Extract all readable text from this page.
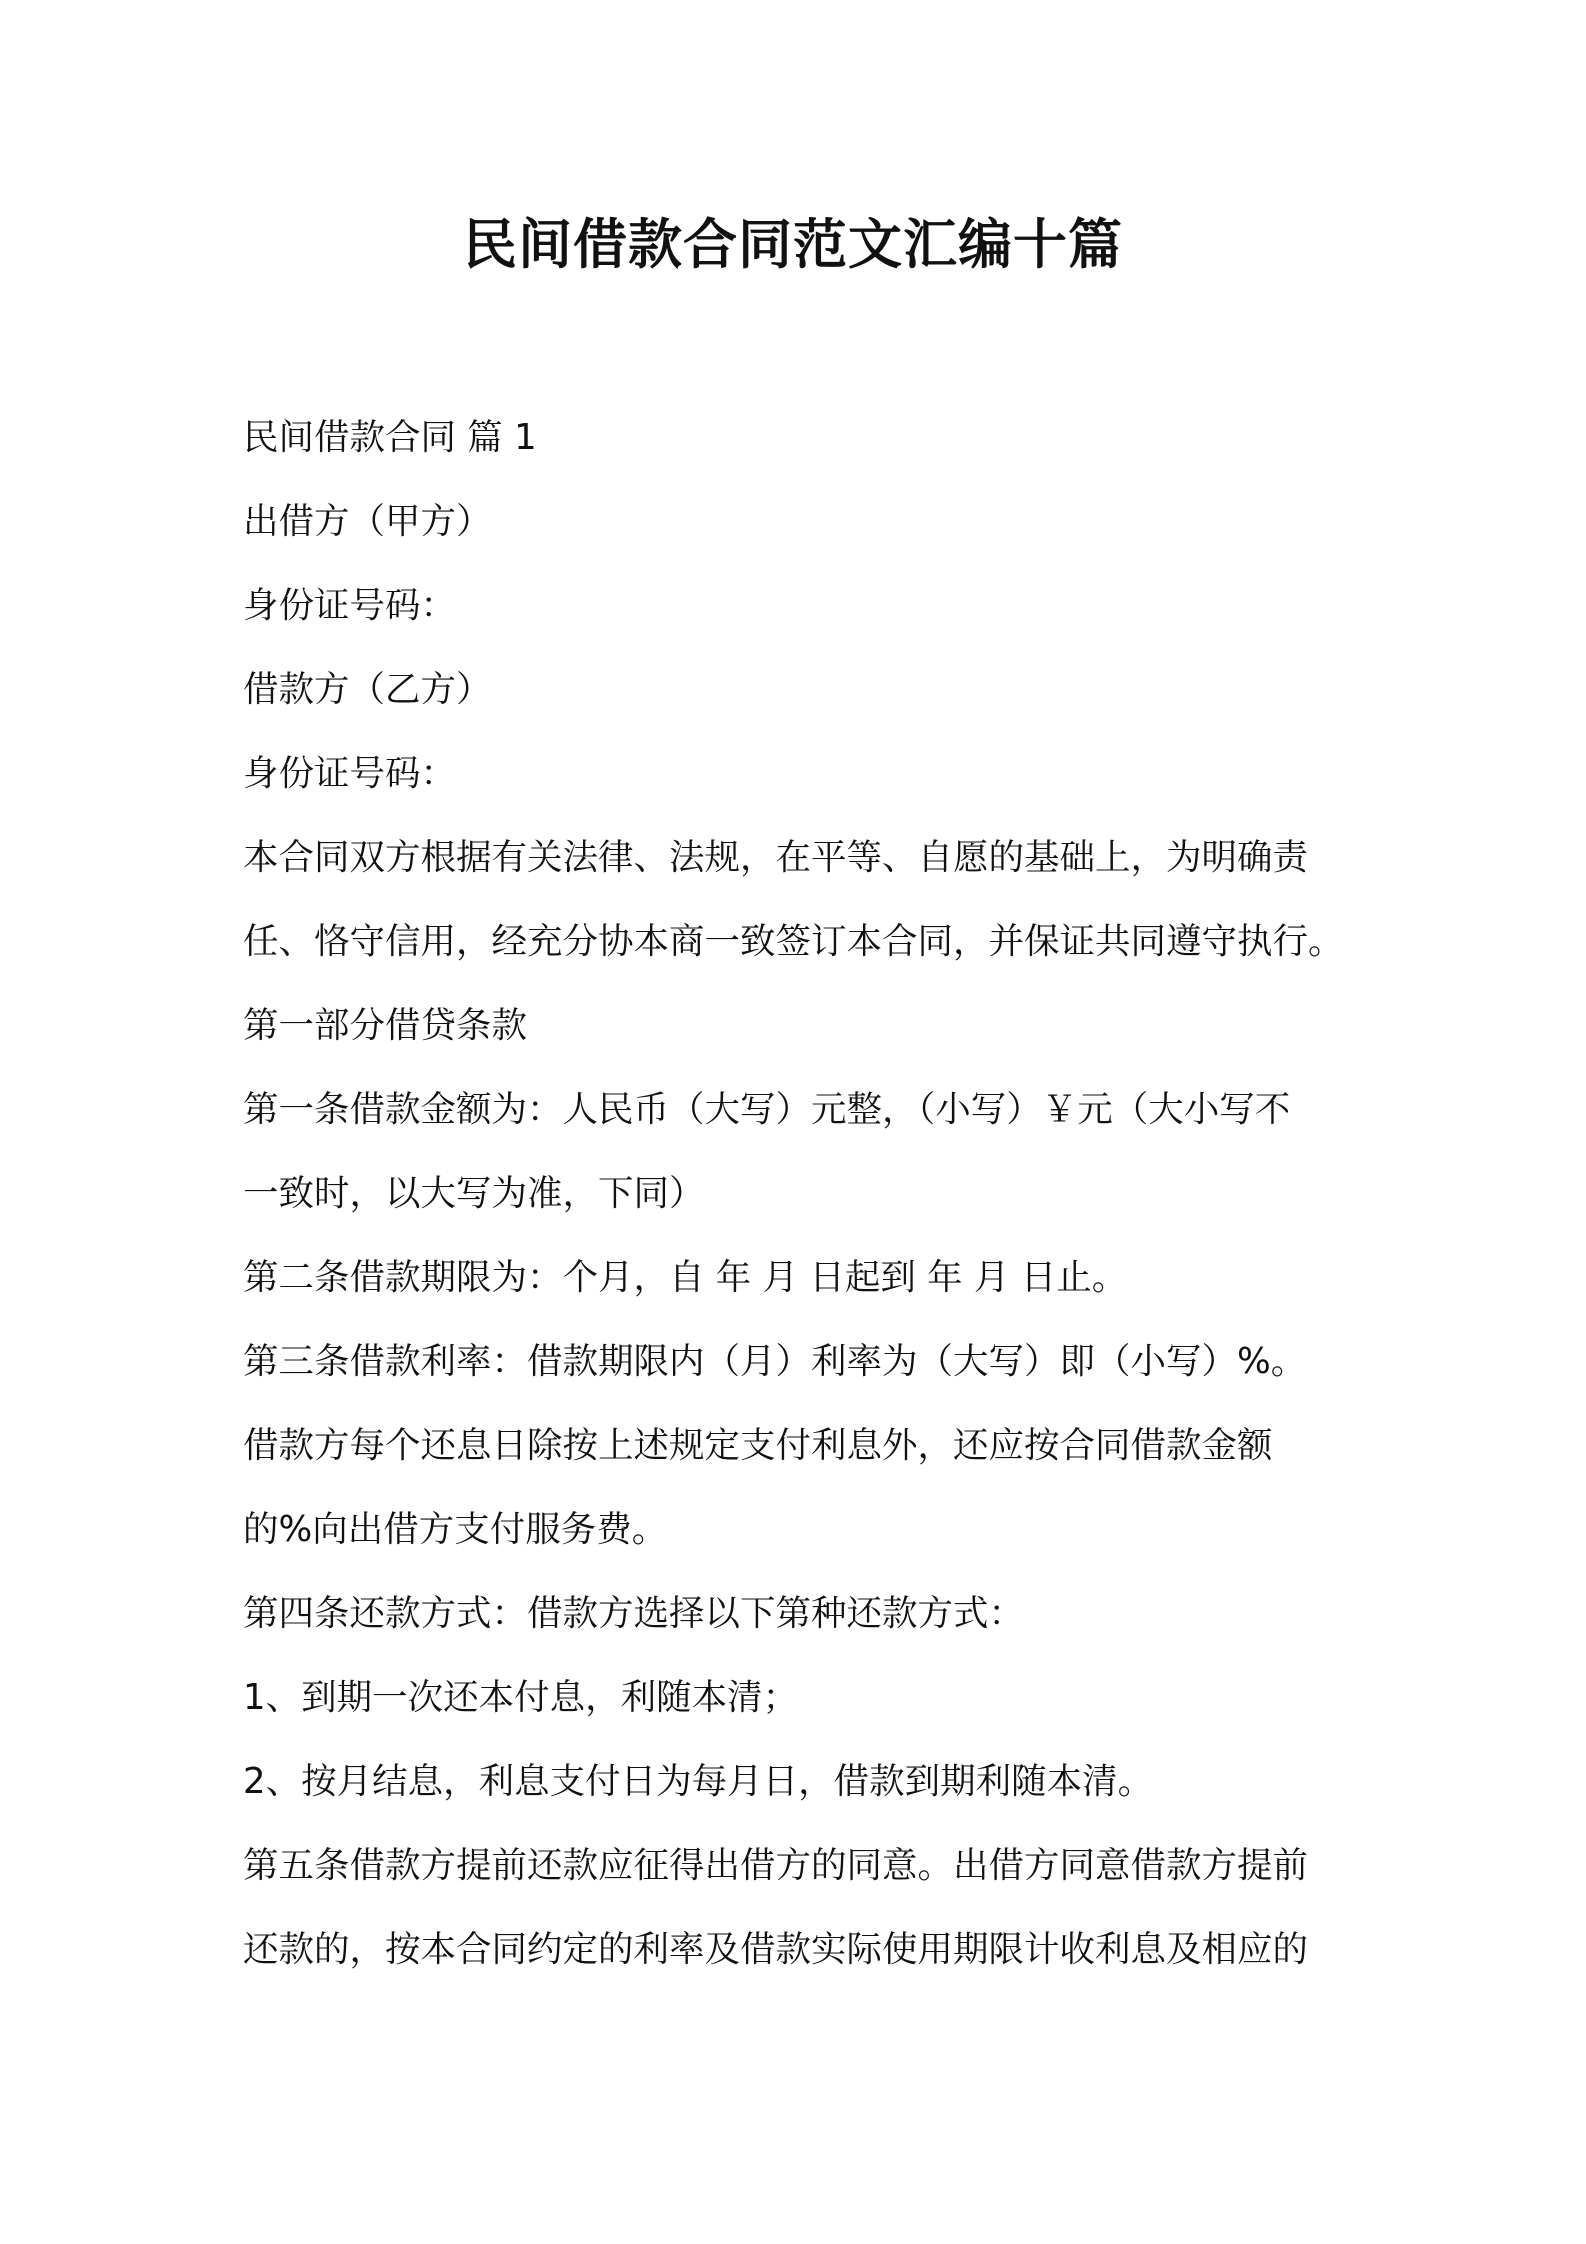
民间借款合同范文汇编十篇
民间借款合同 篇 1
出借方（甲方）
身份证号码：
借款方（乙方）
身份证号码：
本合同双方根据有关法律、法规，在平等、自愿的基础上，为明确责
任、恪守信用，经充分协本商一致签订本合同，并保证共同遵守执行。
第一部分借贷条款
第一条借款金额为：人民币（大写）元整，（小写）￥元（大小写不
一致时，以大写为准，下同）
第二条借款期限为：个月，自 年 月 日起到 年 月 日止。
第三条借款利率：借款期限内（月）利率为（大写）即（小写）%。
借款方每个还息日除按上述规定支付利息外，还应按合同借款金额
的%向出借方支付服务费。
第四条还款方式：借款方选择以下第种还款方式：
1、到期一次还本付息，利随本清；
2、按月结息，利息支付日为每月日，借款到期利随本清。
第五条借款方提前还款应征得出借方的同意。出借方同意借款方提前
还款的，按本合同约定的利率及借款实际使用期限计收利息及相应的
